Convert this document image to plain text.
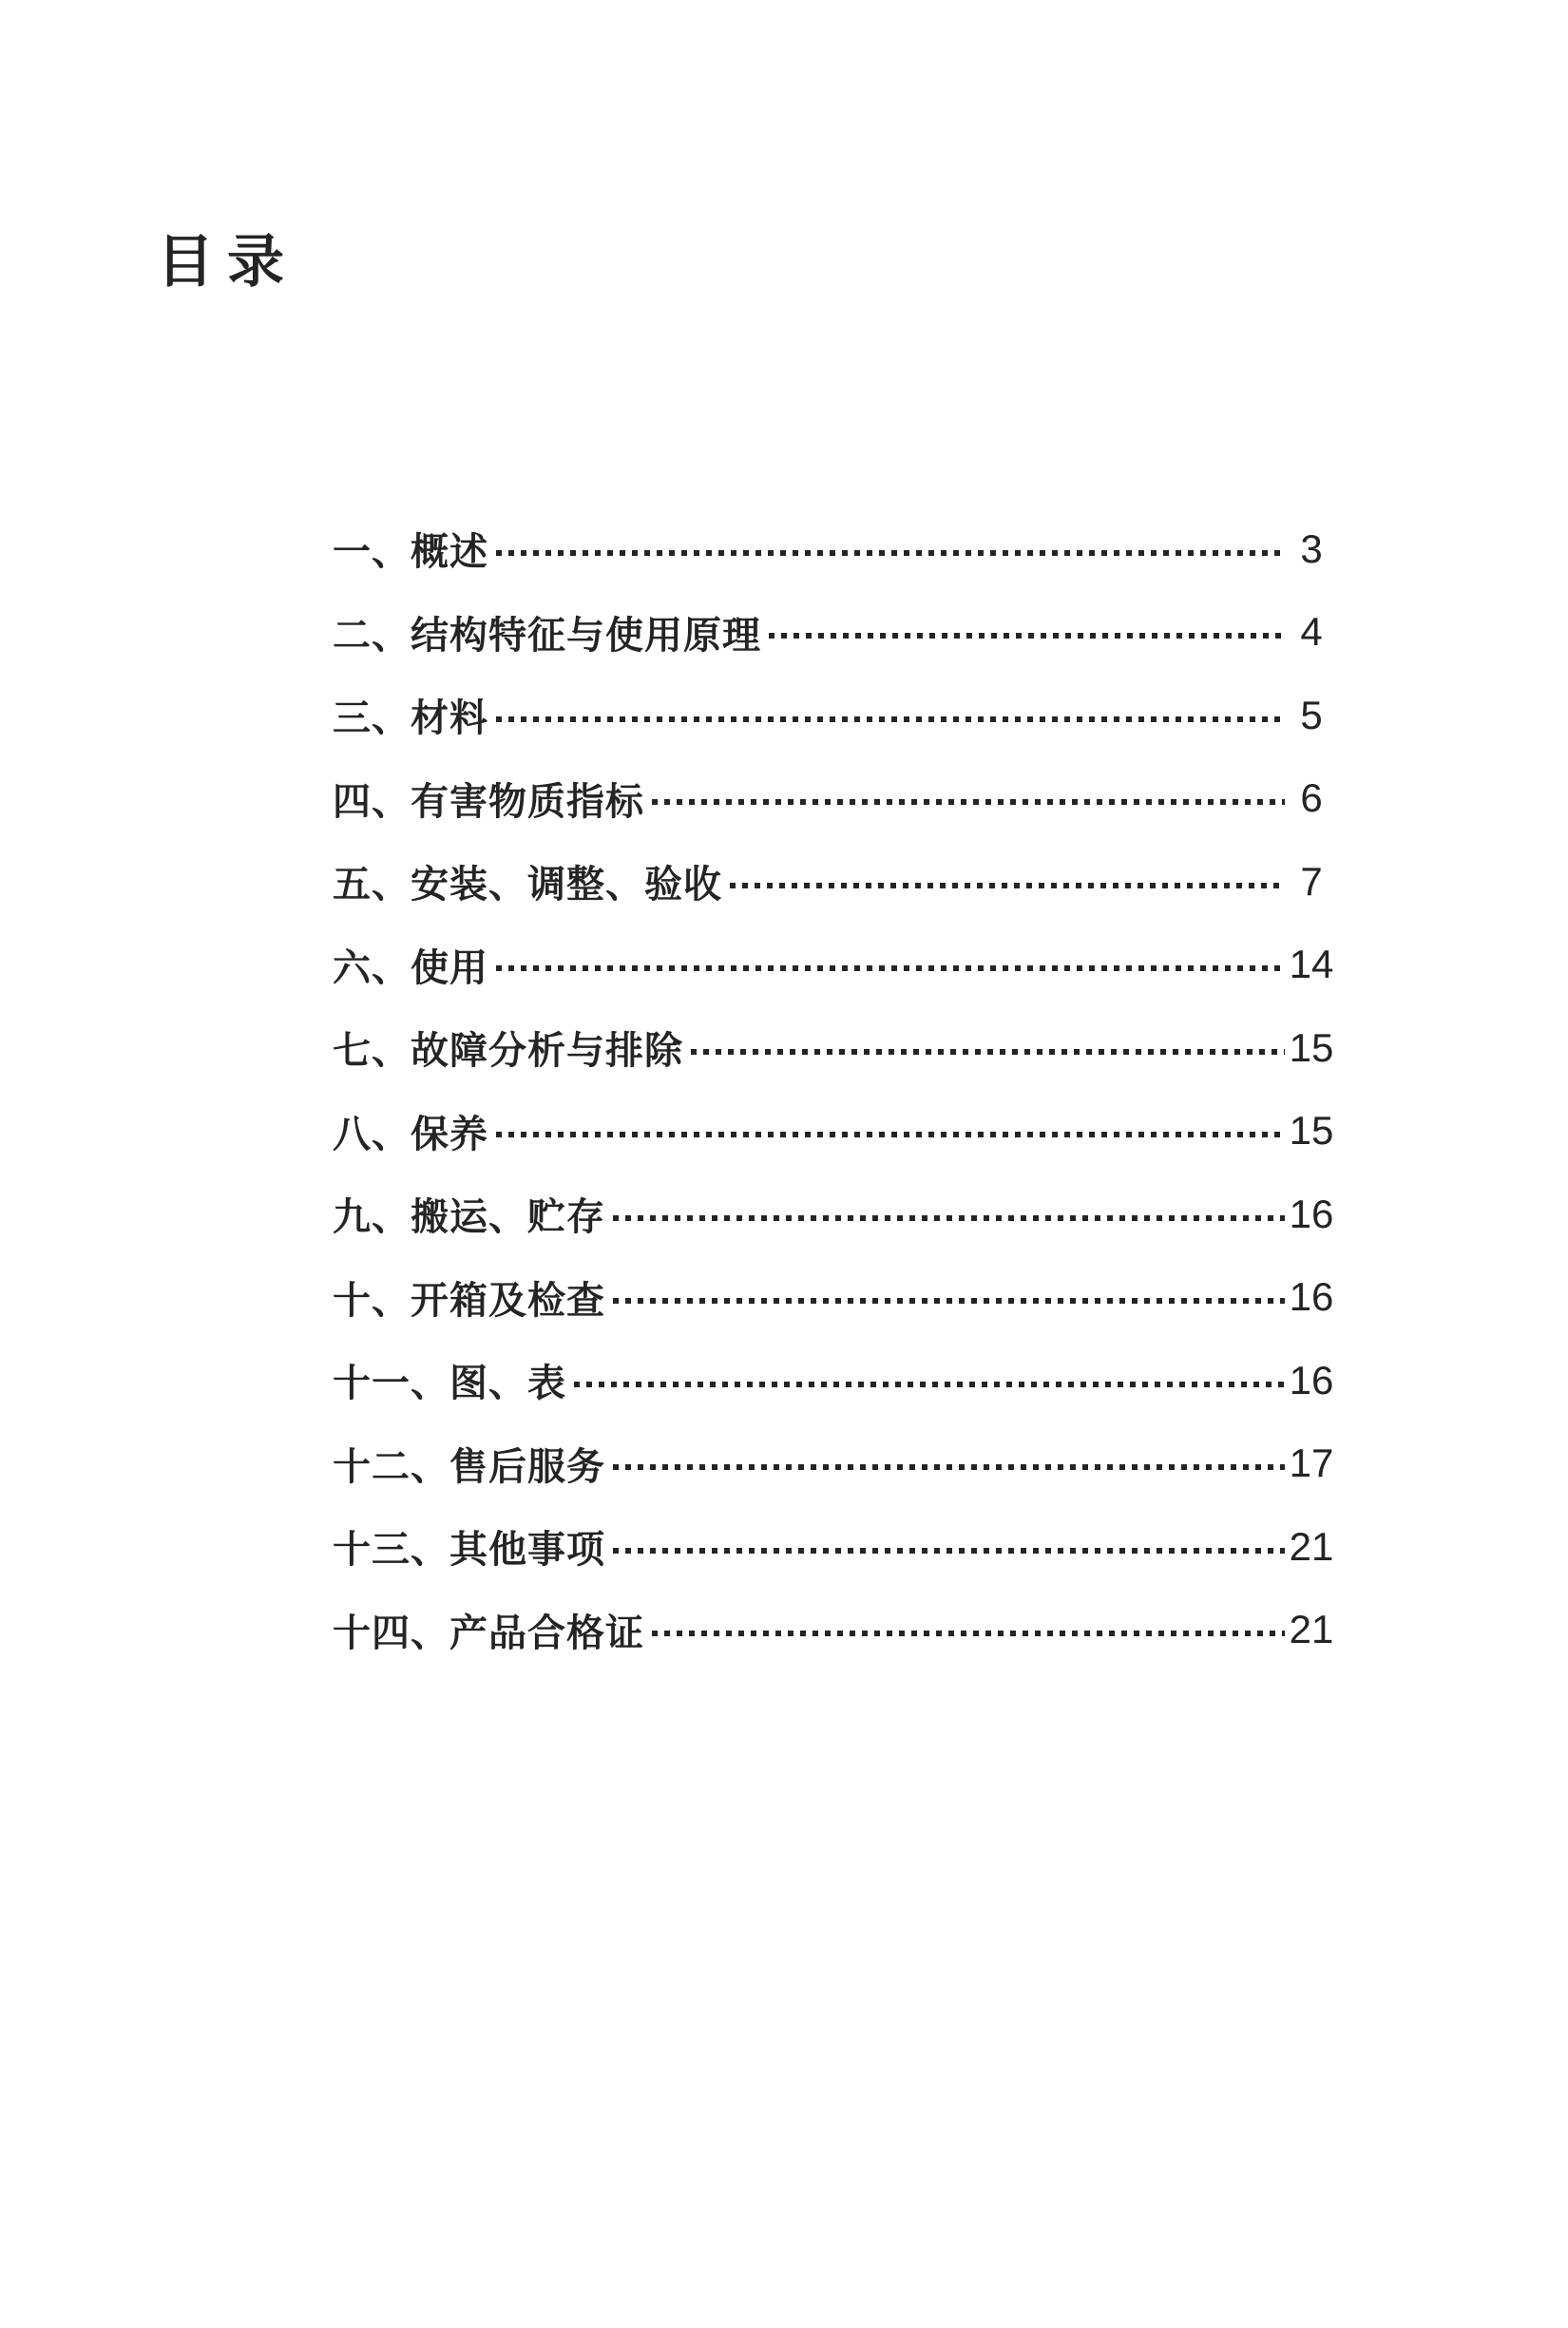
目录
一、概述	3
二、结构特征与使用原理	4
三、材料	5
四、有害物质指标	6
五、安装、调整、验收	7
六、使用	14
七、故障分析与排除	15
八、保养	15
九、搬运、贮存	16
十、开箱及检查	16
十一、图、表	16
十二、售后服务	17
十三、其他事项	21
十四、产品合格证	21
